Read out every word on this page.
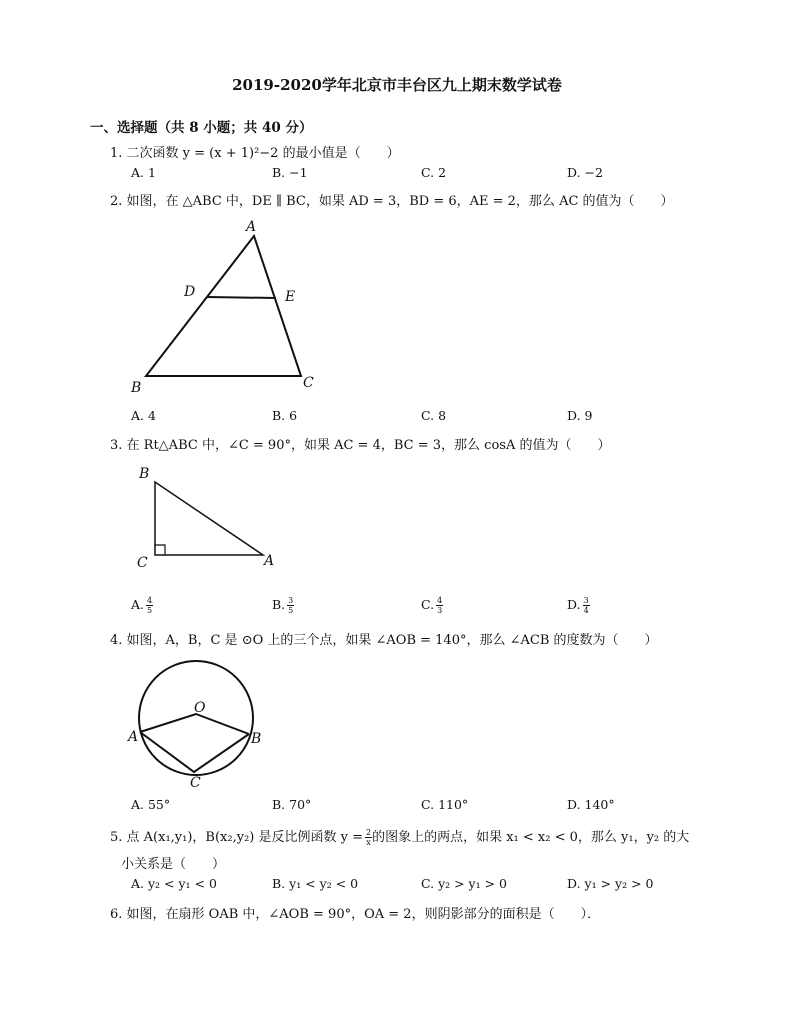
2019-2020学年北京市丰台区九上期末数学试卷
一、选择题（共 8 小题；共 40 分）
1. 二次函数 y = (x + 1)²−2 的最小值是（　　）
A. 1	B. −1	C. 2	D. −2
2. 如图，在 △ABC 中，DE ∥ BC，如果 AD = 3，BD = 6，AE = 2，那么 AC 的值为（　　）
A
B	C
D	E
A. 4	B. 6	C. 8	D. 9
3. 在 Rt△ABC 中，∠C = 90°，如果 AC = 4，BC = 3，那么 cosA 的值为（　　）
B
C	A
A. $\frac{4}{5}$	B. $\frac{3}{5}$	C. $\frac{4}{3}$	D. $\frac{3}{4}$
4. 如图，A，B，C 是 ⊙O 上的三个点，如果 ∠AOB = 140°，那么 ∠ACB 的度数为（　　）
O
A	B
C
A. 55°	B. 70°	C. 110°	D. 140°
5. 点 A(x₁,y₁)，B(x₂,y₂) 是反比例函数 $y = \frac{2}{x}$ 的图象上的两点，如果 x₁ < x₂ < 0，那么 y₁，y₂ 的大
小关系是（　　）
A. y₂ < y₁ < 0	B. y₁ < y₂ < 0	C. y₂ > y₁ > 0	D. y₁ > y₂ > 0
6. 如图，在扇形 OAB 中，∠AOB = 90°，OA = 2，则阴影部分的面积是（　　）．
